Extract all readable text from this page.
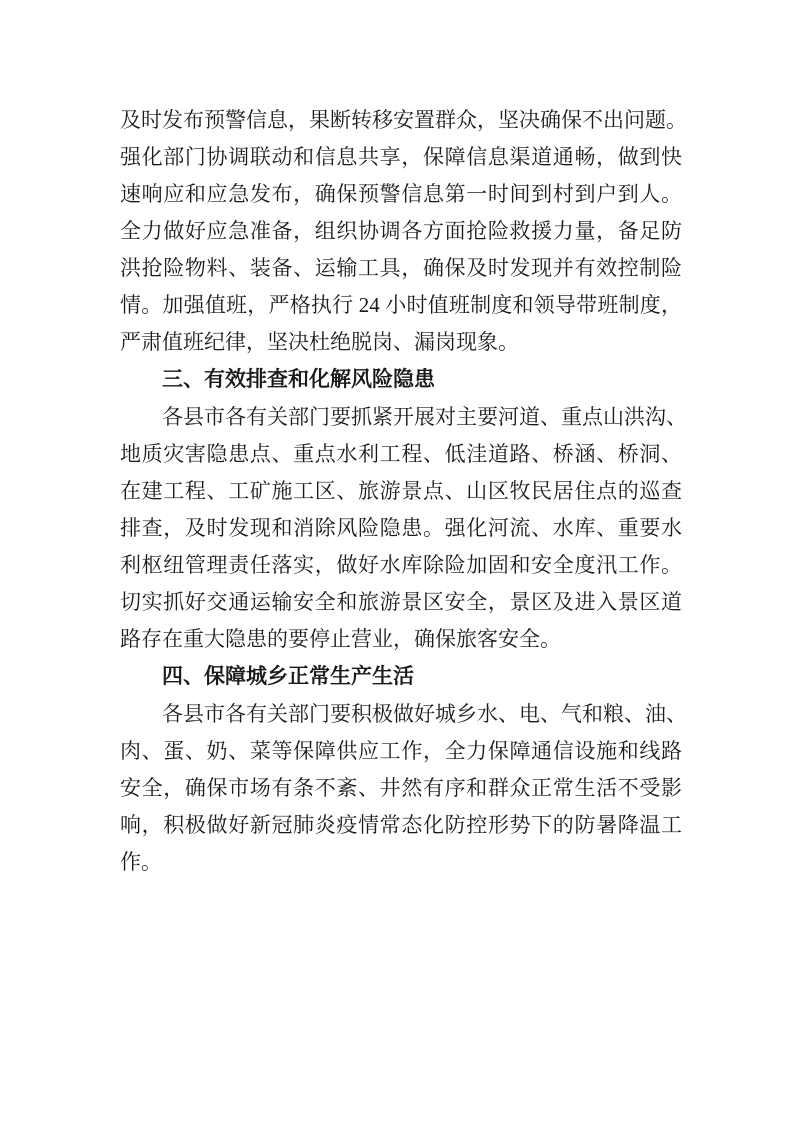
及时发布预警信息，果断转移安置群众，坚决确保不出问题。
强化部门协调联动和信息共享，保障信息渠道通畅，做到快
速响应和应急发布，确保预警信息第一时间到村到户到人。
全力做好应急准备，组织协调各方面抢险救援力量，备足防
洪抢险物料、装备、运输工具，确保及时发现并有效控制险
情。加强值班，严格执行 24 小时值班制度和领导带班制度，
严肃值班纪律，坚决杜绝脱岗、漏岗现象。
三、有效排查和化解风险隐患
各县市各有关部门要抓紧开展对主要河道、重点山洪沟、
地质灾害隐患点、重点水利工程、低洼道路、桥涵、桥洞、
在建工程、工矿施工区、旅游景点、山区牧民居住点的巡查
排查，及时发现和消除风险隐患。强化河流、水库、重要水
利枢纽管理责任落实，做好水库除险加固和安全度汛工作。
切实抓好交通运输安全和旅游景区安全，景区及进入景区道
路存在重大隐患的要停止营业，确保旅客安全。
四、保障城乡正常生产生活
各县市各有关部门要积极做好城乡水、电、气和粮、油、
肉、蛋、奶、菜等保障供应工作，全力保障通信设施和线路
安全，确保市场有条不紊、井然有序和群众正常生活不受影
响，积极做好新冠肺炎疫情常态化防控形势下的防暑降温工
作。
